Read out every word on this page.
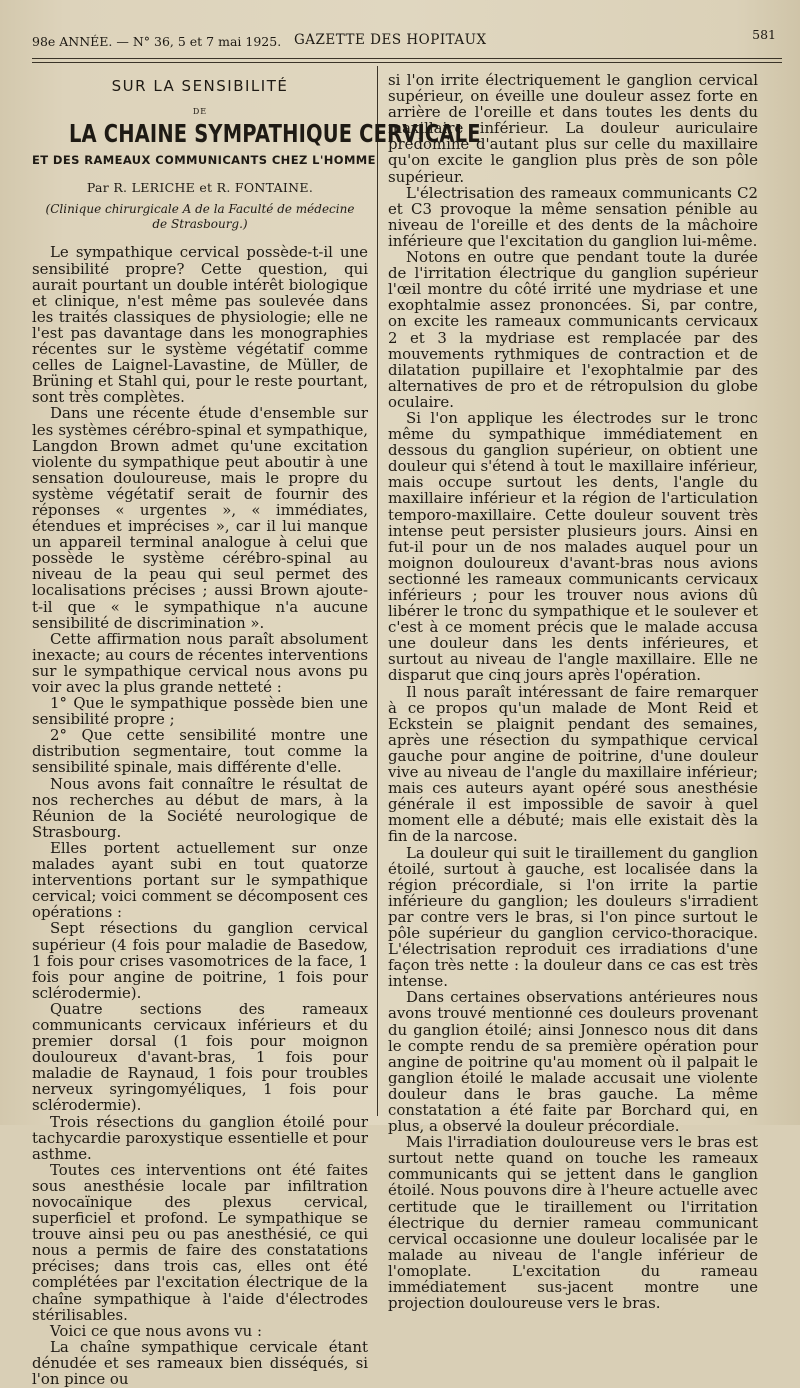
98e ANNÉE. — N° 36, 5 et 7 mai 1925. GAZETTE DES HOPITAUX	581
SUR LA SENSIBILITÉ
DE
LA CHAINE SYMPATHIQUE CERVICALE
ET DES RAMEAUX COMMUNICANTS CHEZ L'HOMME
Par R. LERICHE et R. FONTAINE.
(Clinique chirurgicale A de la Faculté de médecine de Strasbourg.)

Le sympathique cervical possède-t-il une sensibilité propre? Cette question, qui aurait pourtant un double intérêt biologique et clinique, n'est même pas soulevée dans les traités classiques de physiologie; elle ne l'est pas davantage dans les monographies récentes sur le système végétatif comme celles de Laignel-Lavastine, de Müller, de Brüning et Stahl qui, pour le reste pourtant, sont très complètes.

Dans une récente étude d'ensemble sur les systèmes cérébro-spinal et sympathique, Langdon Brown admet qu'une excitation violente du sympathique peut aboutir à une sensation douloureuse, mais le propre du système végétatif serait de fournir des réponses « urgentes », « immédiates, étendues et imprécises », car il lui manque un appareil terminal analogue à celui que possède le système cérébro-spinal au niveau de la peau qui seul permet des localisations précises ; aussi Brown ajoute-t-il que « le sympathique n'a aucune sensibilité de discrimination ».

Cette affirmation nous paraît absolument inexacte; au cours de récentes interventions sur le sympathique cervical nous avons pu voir avec la plus grande netteté :

1° Que le sympathique possède bien une sensibilité propre ;

2° Que cette sensibilité montre une distribution segmentaire, tout comme la sensibilité spinale, mais différente d'elle.

Nous avons fait connaître le résultat de nos recherches au début de mars, à la Réunion de la Société neurologique de Strasbourg.

Elles portent actuellement sur onze malades ayant subi en tout quatorze interventions portant sur le sympathique cervical; voici comment se décomposent ces opérations :

Sept résections du ganglion cervical supérieur (4 fois pour maladie de Basedow, 1 fois pour crises vasomotrices de la face, 1 fois pour angine de poitrine, 1 fois pour sclérodermie).

Quatre sections des rameaux communicants cervicaux inférieurs et du premier dorsal (1 fois pour moignon douloureux d'avant-bras, 1 fois pour maladie de Raynaud, 1 fois pour troubles nerveux syringomyéliques, 1 fois pour sclérodermie).

Trois résections du ganglion étoilé pour tachycardie paroxystique essentielle et pour asthme.

Toutes ces interventions ont été faites sous anesthésie locale par infiltration novocaïnique des plexus cervical, superficiel et profond. Le sympathique se trouve ainsi peu ou pas anesthésié, ce qui nous a permis de faire des constatations précises; dans trois cas, elles ont été complétées par l'excitation électrique de la chaîne sympathique à l'aide d'électrodes stérilisables.

Voici ce que nous avons vu :

La chaîne sympathique cervicale étant dénudée et ses rameaux bien disséqués, si l'on pince ou

si l'on irrite électriquement le ganglion cervical supérieur, on éveille une douleur assez forte en arrière de l'oreille et dans toutes les dents du maxillaire inférieur. La douleur auriculaire prédomine d'autant plus sur celle du maxillaire qu'on excite le ganglion plus près de son pôle supérieur.

L'électrisation des rameaux communicants C2 et C3 provoque la même sensation pénible au niveau de l'oreille et des dents de la mâchoire inférieure que l'excitation du ganglion lui-même.

Notons en outre que pendant toute la durée de l'irritation électrique du ganglion supérieur l'œil montre du côté irrité une mydriase et une exophtalmie assez prononcées. Si, par contre, on excite les rameaux communicants cervicaux 2 et 3 la mydriase est remplacée par des mouvements rythmiques de contraction et de dilatation pupillaire et l'exophtalmie par des alternatives de pro et de rétropulsion du globe oculaire.

Si l'on applique les électrodes sur le tronc même du sympathique immédiatement en dessous du ganglion supérieur, on obtient une douleur qui s'étend à tout le maxillaire inférieur, mais occupe surtout les dents, l'angle du maxillaire inférieur et la région de l'articulation temporo-maxillaire. Cette douleur souvent très intense peut persister plusieurs jours. Ainsi en fut-il pour un de nos malades auquel pour un moignon douloureux d'avant-bras nous avions sectionné les rameaux communicants cervicaux inférieurs ; pour les trouver nous avions dû libérer le tronc du sympathique et le soulever et c'est à ce moment précis que le malade accusa une douleur dans les dents inférieures, et surtout au niveau de l'angle maxillaire. Elle ne disparut que cinq jours après l'opération.

Il nous paraît intéressant de faire remarquer à ce propos qu'un malade de Mont Reid et Eckstein se plaignit pendant des semaines, après une résection du sympathique cervical gauche pour angine de poitrine, d'une douleur vive au niveau de l'angle du maxillaire inférieur; mais ces auteurs ayant opéré sous anesthésie générale il est impossible de savoir à quel moment elle a débuté; mais elle existait dès la fin de la narcose.

La douleur qui suit le tiraillement du ganglion étoilé, surtout à gauche, est localisée dans la région précordiale, si l'on irrite la partie inférieure du ganglion; les douleurs s'irradient par contre vers le bras, si l'on pince surtout le pôle supérieur du ganglion cervico-thoracique. L'électrisation reproduit ces irradiations d'une façon très nette : la douleur dans ce cas est très intense.

Dans certaines observations antérieures nous avons trouvé mentionné ces douleurs provenant du ganglion étoilé; ainsi Jonnesco nous dit dans le compte rendu de sa première opération pour angine de poitrine qu'au moment où il palpait le ganglion étoilé le malade accusait une violente douleur dans le bras gauche. La même constatation a été faite par Borchard qui, en plus, a observé la douleur précordiale.

Mais l'irradiation douloureuse vers le bras est surtout nette quand on touche les rameaux communicants qui se jettent dans le ganglion étoilé. Nous pouvons dire à l'heure actuelle avec certitude que le tiraillement ou l'irritation électrique du dernier rameau communicant cervical occasionne une douleur localisée par le malade au niveau de l'angle inférieur de l'omoplate. L'excitation du rameau immédiatement sus-jacent montre une projection douloureuse vers le bras.
